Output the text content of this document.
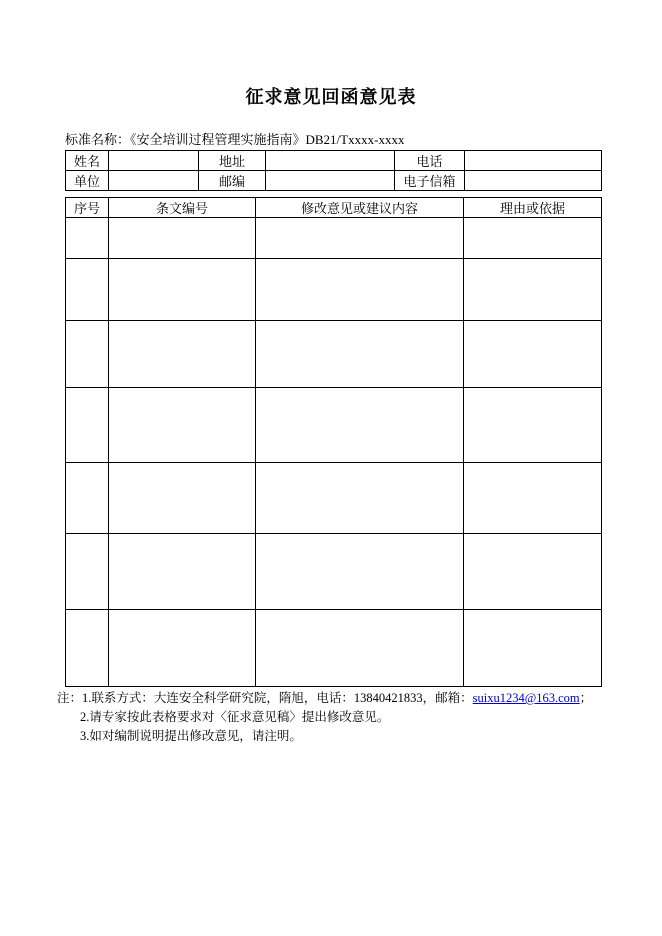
征求意见回函意见表

标准名称：《安全培训过程管理实施指南》DB21/Txxxx-xxxx

姓名		地址		电话	
单位		邮编		电子信箱	
序号	条文编号	修改意见或建议内容	理由或依据

注：1.联系方式：大连安全科学研究院，隋旭，电话：13840421833，邮箱：suixu1234@163.com；
2.请专家按此表格要求对〈征求意见稿〉提出修改意见。
3.如对编制说明提出修改意见，请注明。
